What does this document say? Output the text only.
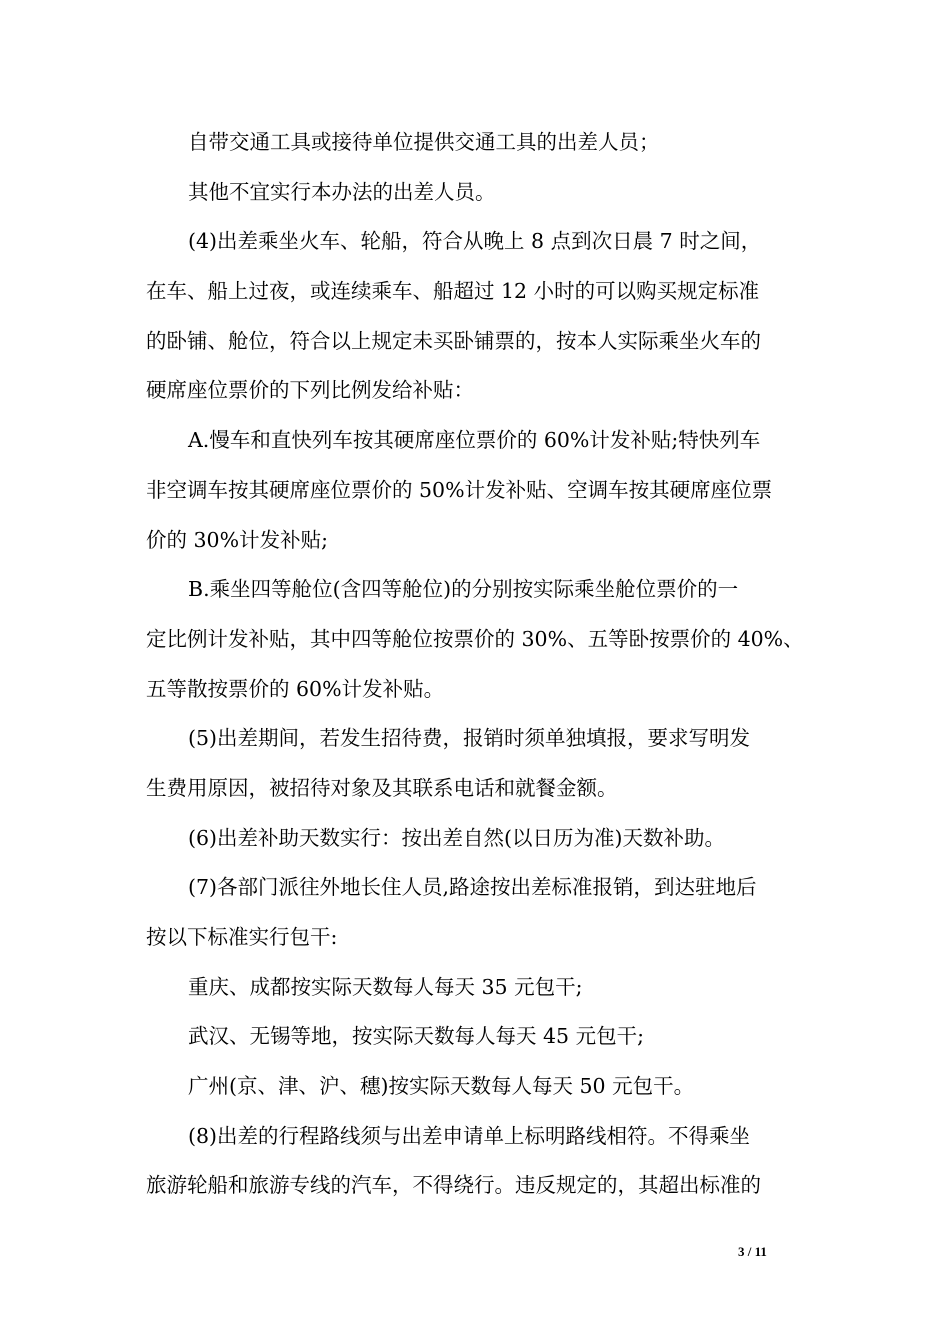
自带交通工具或接待单位提供交通工具的出差人员；
其他不宜实行本办法的出差人员。
(4)出差乘坐火车、轮船，符合从晚上 8 点到次日晨 7 时之间，
在车、船上过夜，或连续乘车、船超过 12 小时的可以购买规定标准
的卧铺、舱位，符合以上规定未买卧铺票的，按本人实际乘坐火车的
硬席座位票价的下列比例发给补贴：
A.慢车和直快列车按其硬席座位票价的 60%计发补贴;特快列车
非空调车按其硬席座位票价的 50%计发补贴、空调车按其硬席座位票
价的 30%计发补贴;
B.乘坐四等舱位(含四等舱位)的分别按实际乘坐舱位票价的一
定比例计发补贴，其中四等舱位按票价的 30%、五等卧按票价的 40%、
五等散按票价的 60%计发补贴。
(5)出差期间，若发生招待费，报销时须单独填报，要求写明发
生费用原因，被招待对象及其联系电话和就餐金额。
(6)出差补助天数实行：按出差自然(以日历为准)天数补助。
(7)各部门派往外地长住人员,路途按出差标准报销，到达驻地后
按以下标准实行包干:
重庆、成都按实际天数每人每天 35 元包干;
武汉、无锡等地，按实际天数每人每天 45 元包干;
广州(京、津、沪、穗)按实际天数每人每天 50 元包干。
(8)出差的行程路线须与出差申请单上标明路线相符。不得乘坐
旅游轮船和旅游专线的汽车，不得绕行。违反规定的，其超出标准的
3 / 11
